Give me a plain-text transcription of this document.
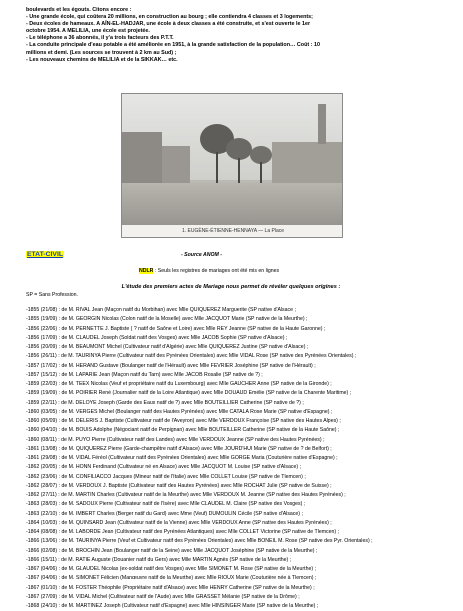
boulevards et les égouts. Citons encore :

- Une grande école, qui coûtera 20 millions, en construction au bourg ; elle contiendra 4 classes et 3 logements;

- Deux écoles de hameaux. A AÏN-EL-HADJAR, une école à deux classes a été construite, et s'est ouverte le 1er

octobre 1954. A MELILIA, une école est projetée.

- Le téléphone a 36 abonnés, il y'a trois facteurs des P.T.T.

- La conduite principale d'eau potable a été améliorée en 1951, à la grande satisfaction de la population… Coût : 10

millions et demi. (Les sources se trouvent à 2 km au Sud) ;

- Les nouveaux chemins de MELILIA et de la SIKKAK… etc.

1. EUGÈNE-ÉTIENNE-HENNAYA — La Place
ETAT-CIVIL	- Source ANOM -
NDLR : Seuls les registres de mariages ont été mis en lignes
L'étude des premiers actes de Mariage nous permet de révéler quelques origines :
SP = Sans Profession.
-1855 (21/08) : de M. RIVAL Jean (Maçon natif du Morbihan) avec Mlle QUIQUEREZ Marguerite (SP native d'Alsace ;
-1855 (19/09) : de M. GEORGIN Nicolas (Colon natif de la Moselle) avec Mlle JACQUOT Marie (SP native de la Meurthe) ;
-1856 (22/06) : de M. PERNETTE J. Baptiste ( ? natif de Saône et Loire) avec Mlle REY Jeanne (SP native de la Haute Garonne) ;
-1856 (17/09) : de M. CLAUDEL Joseph (Soldat natif des Vosges) avec Mlle JACOB Sophie (SP native d'Alsace) ;
-1856 (20/09) : de M. BEAUMONT Michel (Cultivateur natif d'Algérie) avec Mlle QUIQUEREZ Justine (SP native d'Alsace) ;
-1856 (26/11) : de M. TAURINYA Pierre (Cultivateur natif des Pyrénées Orientales) avec Mlle VIDAL Rose (SP native des Pyrénées Orientales) ;
-1857 (17/02) : de M. HERAND Gustave (Boulanger natif de l'Hérault) avec Mlle FEVRIER Joséphine (SP native de l'Hérault) ;
-1857 (15/12) : de M. LAPARIE Jean (Maçon natif du Tarn) avec Mlle JACOB Rosalie (SP native de ?) ;
-1859 (22/03) : de M. TEEX Nicolas (Veuf et propriétaire natif du Luxembourg) avec Mlle GAUCHER Anne (SP native de la Gironde) ;
-1859 (19/09) : de M. POIRIER René (Journalier natif de la Loire Atlantique) avec Mlle DOUAUD Emélie (SP native de la Charente Maritime) ;
-1859 (22/11) : de M. DELOYE Joseph (Garde des Eaux natif de ?) avec Mlle BOUTEILLIER Catherine (SP native de ?) ;
-1860 (03/05) : de M. VERGES Michel (Boulanger natif des Hautes Pyrénées) avec Mlle CATALA Rose Marie (SP native d'Espagne) ;
-1860 (05/09) : de M. DELERIS J. Baptiste (Cultivateur natif de l'Aveyron) avec Mlle VERDOUX Françoise (SP native des Hautes Alpes) ;
-1860 (04/10) : de M. BOUIS Adolphe (Négociant natif de Perpignan) avec Mlle BOUTEILLER Catherine (SP native de la Haute Saône) ;
-1860 (08/11) : de M. PUYO Pierre (Cultivateur natif des Landes) avec Mlle VERDOUX Jeanne (SP native des Hautes Pyrénées) ;
-1861 (13/08) : de M. QUIQUEREZ Pierre (Garde-champêtre natif d'Alsace) avec Mlle JOURD'HUI Marie (SP native de ? de Belfort) ;
-1861 (29/08) : de M. VIDAL Féréol (Cultivateur natif des Pyrénées Orientales) avec Mlle GORGE Maria (Couturière native d'Espagne) ;
-1862 (20/05) : de M. HONN Ferdinand (Cultivateur né en Alsace) avec Mlle JACQUOT M. Louise (SP native d'Alsace) ;
-1862 (23/06) : de M. CONFILIACCO Jacques (Mineur natif de l'Italie) avec Mlle COLLET Louise (SP native de Tlemcen) ;
-1862 (28/07) : de M. VERDOUX J. Baptiste (Cultivateur natif des Hautes Pyrénées) avec Mlle ROCHAT Julie (SP native de Suisse) ;
-1862 (27/11) : de M. MARTIN Charles (Cultivateur natif de la Meurthe) avec Mlle VERDOUX M. Jeanne (SP native des Hautes Pyrénées) ;
-1863 (28/03) : de M. SADOUX Pierre (Cultivateur natif de l'Isère) avec Mlle CLAUDEL M. Claire (SP native des Vosges) ;
-1863 (22/10) : de M. IMBERT Charles (Berger natif du Gard) avec Mme (Veuf) DUMOULIN Cécile (SP native d'Alsace) ;
-1864 (10/03) : de M. QUINSARD Jean (Cultivateur natif de la Vienne) avec Mlle VERDOUX Anne (SP native des Hautes Pyrénées) ;
-1864 (08/08) : de M. LABORDE Jean (Cultivateur natif des Pyrénées Atlantiques) avec Mlle COLLET Victorine (SP native de Tlemcen) ;
-1866 (13/06) : de M. TAURINYA Pierre (Veuf et Cultivateur natif des Pyrénées Orientales) avec Mlle BONEIL M. Rose (SP native des Pyr. Orientales) ;
-1866 (02/08) : de M. BROCHIN Jean (Boulanger natif de la Seine) avec Mlle JACQUOT Joséphine (SP native de la Meurthe) ;
-1866 (15/11) : de M. RATIE Auguste (Douanier natif du Gers) avec Mlle MARTIN Agnès (SP native de la Meurthe) ;
-1867 (04/06) : de M. GLAUDEL Nicolas (ex-soldat natif des Vosges) avec Mlle SIMONET M. Rose (SP native de la Meurthe) ;
-1867 (04/06) : de M. SIMONET Félicien (Manœuvre natif de la Meurthe) avec Mlle RIOUX Marie (Couturière née à Tlemcen) ;
-1867 (01/10) : de M. FOSTER Théophile (Propriétaire natif d'Alsace) avec Mlle HENRY Catherine (SP native de la Meurthe) ;
-1867 (27/09) : de M. VIDAL Michel (Cultivateur natif de l'Aude) avec Mlle GRASSET Mélanie (SP native de la Drôme) ;
-1868 (24/10) : de M. MARTINEZ Joseph (Cultivateur natif d'Espagne) avec Mlle HINSINGER Marie (SP native de la Meurthe) ;
